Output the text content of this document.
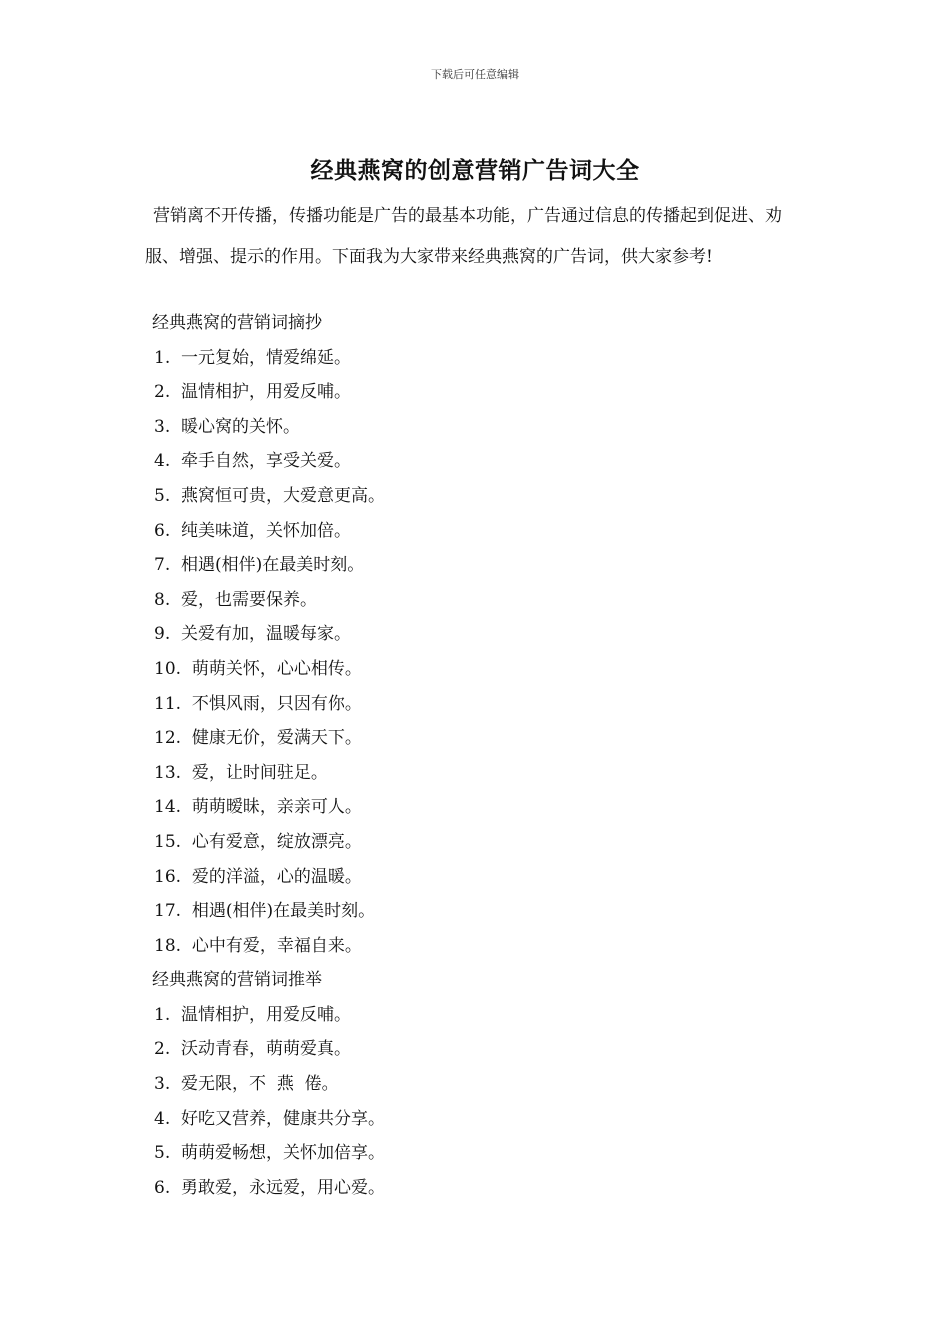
下载后可任意编辑
经典燕窝的创意营销广告词大全

营销离不开传播，传播功能是广告的最基本功能，广告通过信息的传播起到促进、劝服、增强、提示的作用。下面我为大家带来经典燕窝的广告词，供大家参考!

经典燕窝的营销词摘抄
1.  一元复始，情爱绵延。
2.  温情相护，用爱反哺。
3.  暖心窝的关怀。
4.  牵手自然，享受关爱。
5.  燕窝恒可贵，大爱意更高。
6.  纯美味道，关怀加倍。
7.  相遇(相伴)在最美时刻。
8.  爱，也需要保养。
9.  关爱有加，温暖每家。
10.  萌萌关怀，心心相传。
11.  不惧风雨，只因有你。
12.  健康无价，爱满天下。
13.  爱，让时间驻足。
14.  萌萌暧昧，亲亲可人。
15.  心有爱意，绽放漂亮。
16.  爱的洋溢，心的温暖。
17.  相遇(相伴)在最美时刻。
18.  心中有爱，幸福自来。
经典燕窝的营销词推举
1.  温情相护，用爱反哺。
2.  沃动青春，萌萌爱真。
3.  爱无限，不  燕  倦。
4.  好吃又营养，健康共分享。
5.  萌萌爱畅想，关怀加倍享。
6.  勇敢爱，永远爱，用心爱。
